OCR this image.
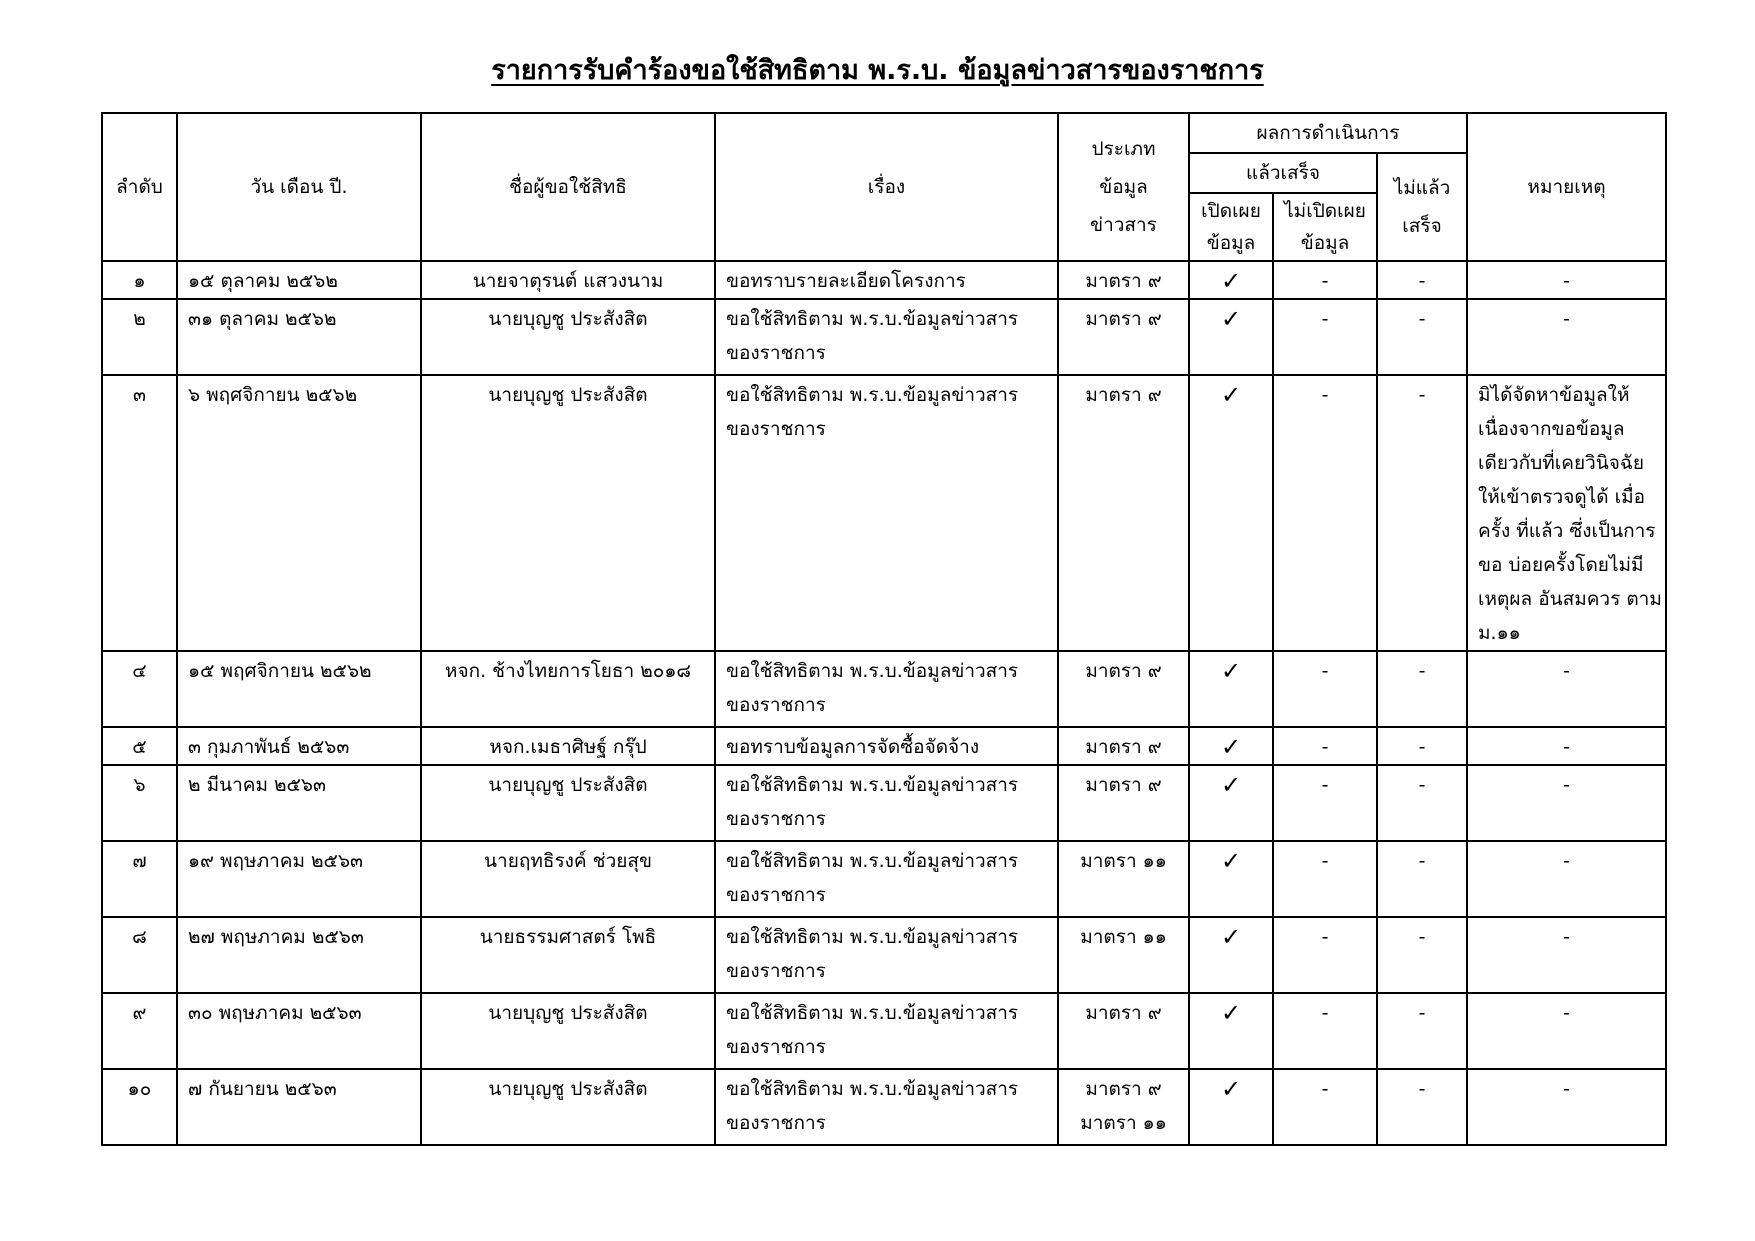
รายการรับคำร้องขอใช้สิทธิตาม พ.ร.บ. ข้อมูลข่าวสารของราชการ
ลำดับ	วัน เดือน ปี.	ชื่อผู้ขอใช้สิทธิ	เรื่อง	ประเภท ข้อมูล ข่าวสาร	ผลการดำเนินการ			หมายเหตุ
					แล้วเสร็จ		ไม่แล้ว เสร็จ	
					เปิดเผย ข้อมูล	ไม่เปิดเผย ข้อมูล		
๑	๑๕ ตุลาคม ๒๕๖๒	นายจาตุรนต์ แสวงนาม	ขอทราบรายละเอียดโครงการ	มาตรา ๙	✓	-	-	-
๒	๓๑ ตุลาคม ๒๕๖๒	นายบุญชู ประสังสิต	ขอใช้สิทธิตาม พ.ร.บ.ข้อมูลข่าวสาร ของราชการ	มาตรา ๙	✓	-	-	-
๓	๖ พฤศจิกายน ๒๕๖๒	นายบุญชู ประสังสิต	ขอใช้สิทธิตาม พ.ร.บ.ข้อมูลข่าวสาร ของราชการ	มาตรา ๙	✓	-	-	มิได้จัดหาข้อมูลให้ เนื่องจากขอข้อมูล เดียวกับที่เคยวินิจฉัย ให้เข้าตรวจดูได้ เมื่อครั้ง ที่แล้ว ซึ่งเป็นการขอ บ่อยครั้งโดยไม่มีเหตุผล อันสมควร ตาม ม.๑๑
๔	๑๕ พฤศจิกายน ๒๕๖๒	หจก. ช้างไทยการโยธา ๒๐๑๘	ขอใช้สิทธิตาม พ.ร.บ.ข้อมูลข่าวสาร ของราชการ	มาตรา ๙	✓	-	-	-
๕	๓ กุมภาพันธ์ ๒๕๖๓	หจก.เมธาศิษฐ์ กรุ๊ป	ขอทราบข้อมูลการจัดซื้อจัดจ้าง	มาตรา ๙	✓	-	-	-
๖	๒ มีนาคม ๒๕๖๓	นายบุญชู ประสังสิต	ขอใช้สิทธิตาม พ.ร.บ.ข้อมูลข่าวสาร ของราชการ	มาตรา ๙	✓	-	-	-
๗	๑๙ พฤษภาคม ๒๕๖๓	นายฤทธิรงค์ ช่วยสุข	ขอใช้สิทธิตาม พ.ร.บ.ข้อมูลข่าวสาร ของราชการ	มาตรา ๑๑	✓	-	-	-
๘	๒๗ พฤษภาคม ๒๕๖๓	นายธรรมศาสตร์ โพธิ	ขอใช้สิทธิตาม พ.ร.บ.ข้อมูลข่าวสาร ของราชการ	มาตรา ๑๑	✓	-	-	-
๙	๓๐ พฤษภาคม ๒๕๖๓	นายบุญชู ประสังสิต	ขอใช้สิทธิตาม พ.ร.บ.ข้อมูลข่าวสาร ของราชการ	มาตรา ๙	✓	-	-	-
๑๐	๗ กันยายน ๒๕๖๓	นายบุญชู ประสังสิต	ขอใช้สิทธิตาม พ.ร.บ.ข้อมูลข่าวสาร ของราชการ	มาตรา ๙ มาตรา ๑๑	✓	-	-	-
